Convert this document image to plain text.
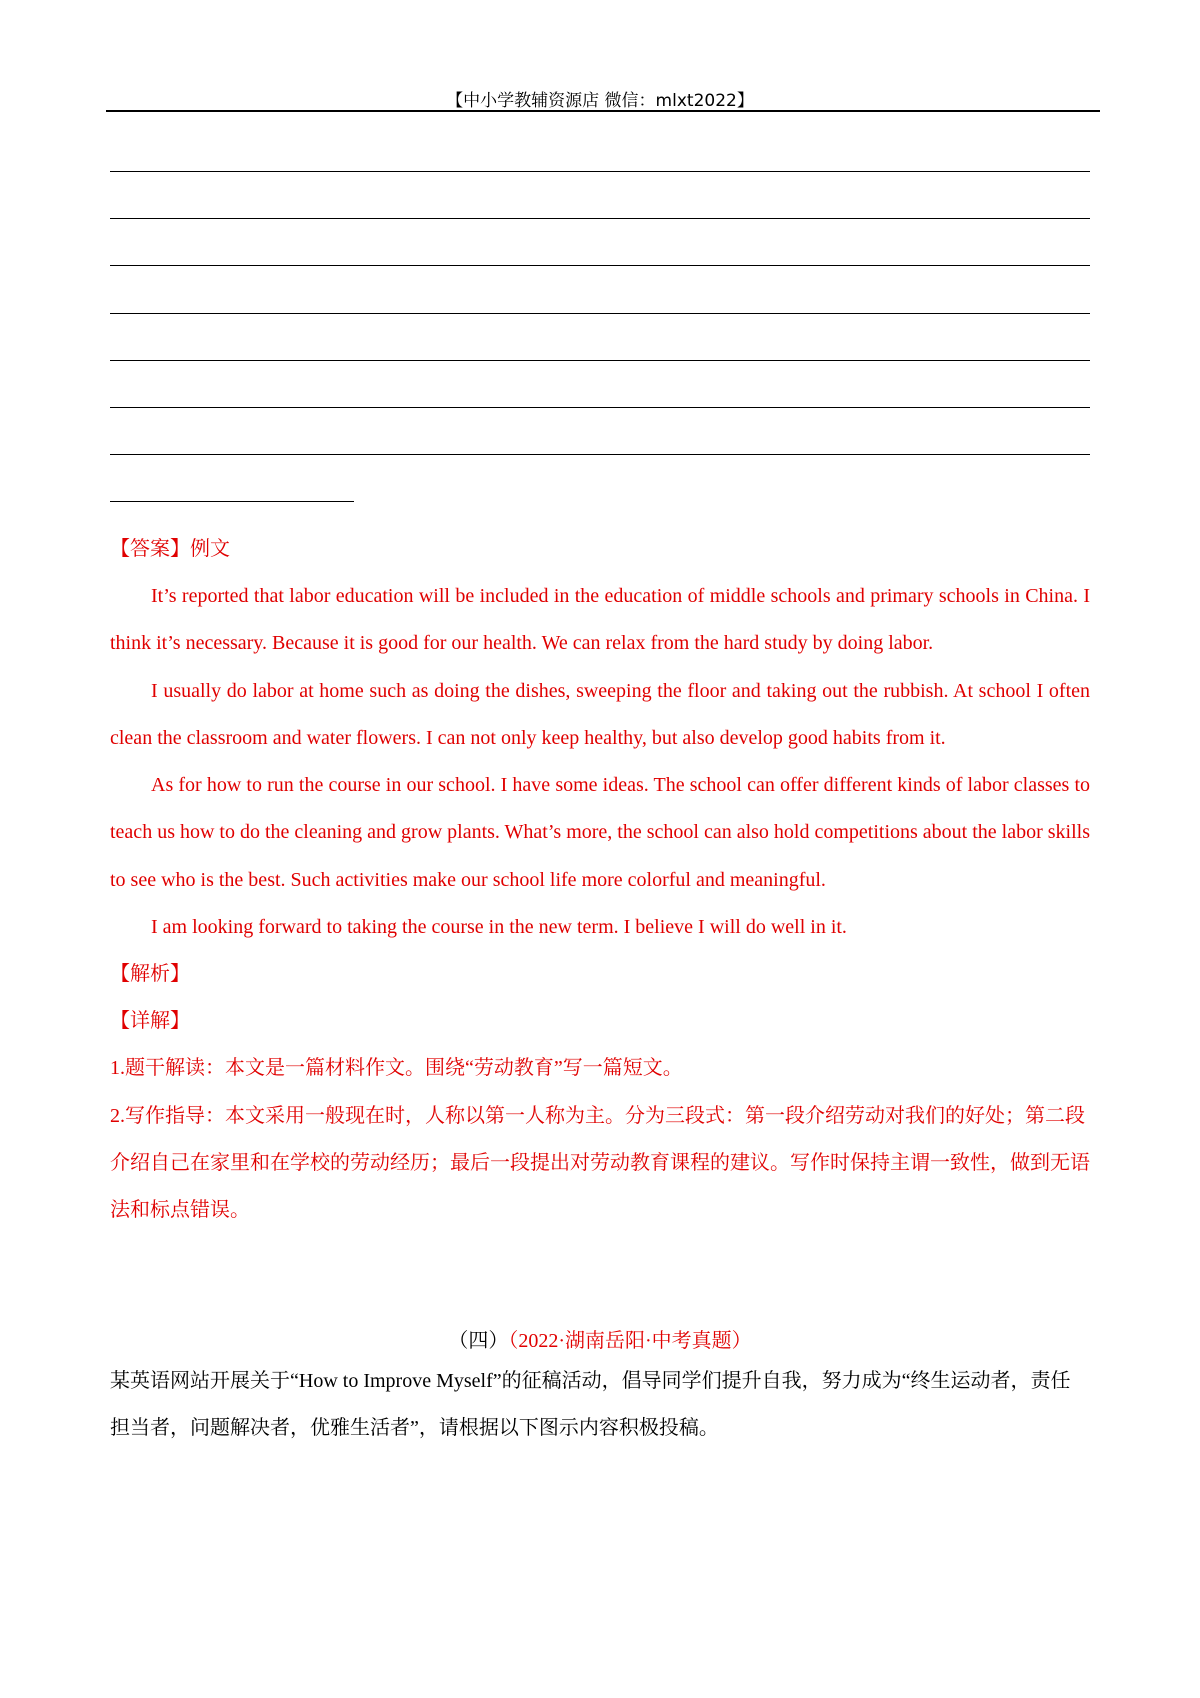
【中小学教辅资源店 微信：mlxt2022】
【答案】例文

It’s reported that labor education will be included in the education of middle schools and primary schools in China. I think it’s necessary. Because it is good for our health. We can relax from the hard study by doing labor.

I usually do labor at home such as doing the dishes, sweeping the floor and taking out the rubbish. At school I often clean the classroom and water flowers. I can not only keep healthy, but also develop good habits from it.

As for how to run the course in our school. I have some ideas. The school can offer different kinds of labor classes to teach us how to do the cleaning and grow plants. What’s more, the school can also hold competitions about the labor skills to see who is the best. Such activities make our school life more colorful and meaningful.

I am looking forward to taking the course in the new term. I believe I will do well in it.

【解析】
【详解】

1.题干解读：本文是一篇材料作文。围绕“劳动教育”写一篇短文。

2.写作指导：本文采用一般现在时，人称以第一人称为主。分为三段式：第一段介绍劳动对我们的好处；第二段介绍自己在家里和在学校的劳动经历；最后一段提出对劳动教育课程的建议。写作时保持主谓一致性，做到无语法和标点错误。

（四）（2022·湖南岳阳·中考真题）

某英语网站开展关于“How to Improve Myself”的征稿活动，倡导同学们提升自我，努力成为“终生运动者，责任担当者，问题解决者，优雅生活者”，请根据以下图示内容积极投稿。
